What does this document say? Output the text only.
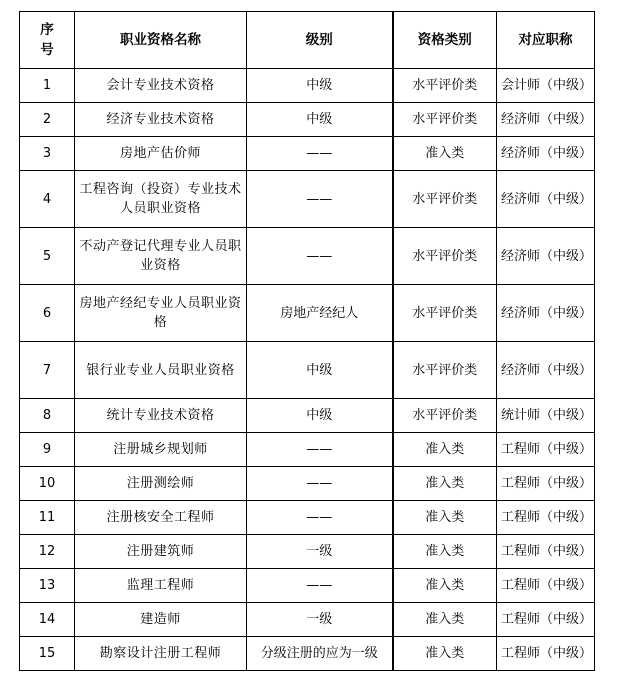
序号	职业资格名称	级别	资格类别	对应职称
1	会计专业技术资格	中级	水平评价类	会计师（中级）
2	经济专业技术资格	中级	水平评价类	经济师（中级）
3	房地产估价师	——	准入类	经济师（中级）
4	工程咨询（投资）专业技术人员职业资格	——	水平评价类	经济师（中级）
5	不动产登记代理专业人员职业资格	——	水平评价类	经济师（中级）
6	房地产经纪专业人员职业资格	房地产经纪人	水平评价类	经济师（中级）
7	银行业专业人员职业资格	中级	水平评价类	经济师（中级）
8	统计专业技术资格	中级	水平评价类	统计师（中级）
9	注册城乡规划师	——	准入类	工程师（中级）
10	注册测绘师	——	准入类	工程师（中级）
11	注册核安全工程师	——	准入类	工程师（中级）
12	注册建筑师	一级	准入类	工程师（中级）
13	监理工程师	——	准入类	工程师（中级）
14	建造师	一级	准入类	工程师（中级）
15	勘察设计注册工程师	分级注册的应为一级	准入类	工程师（中级）
